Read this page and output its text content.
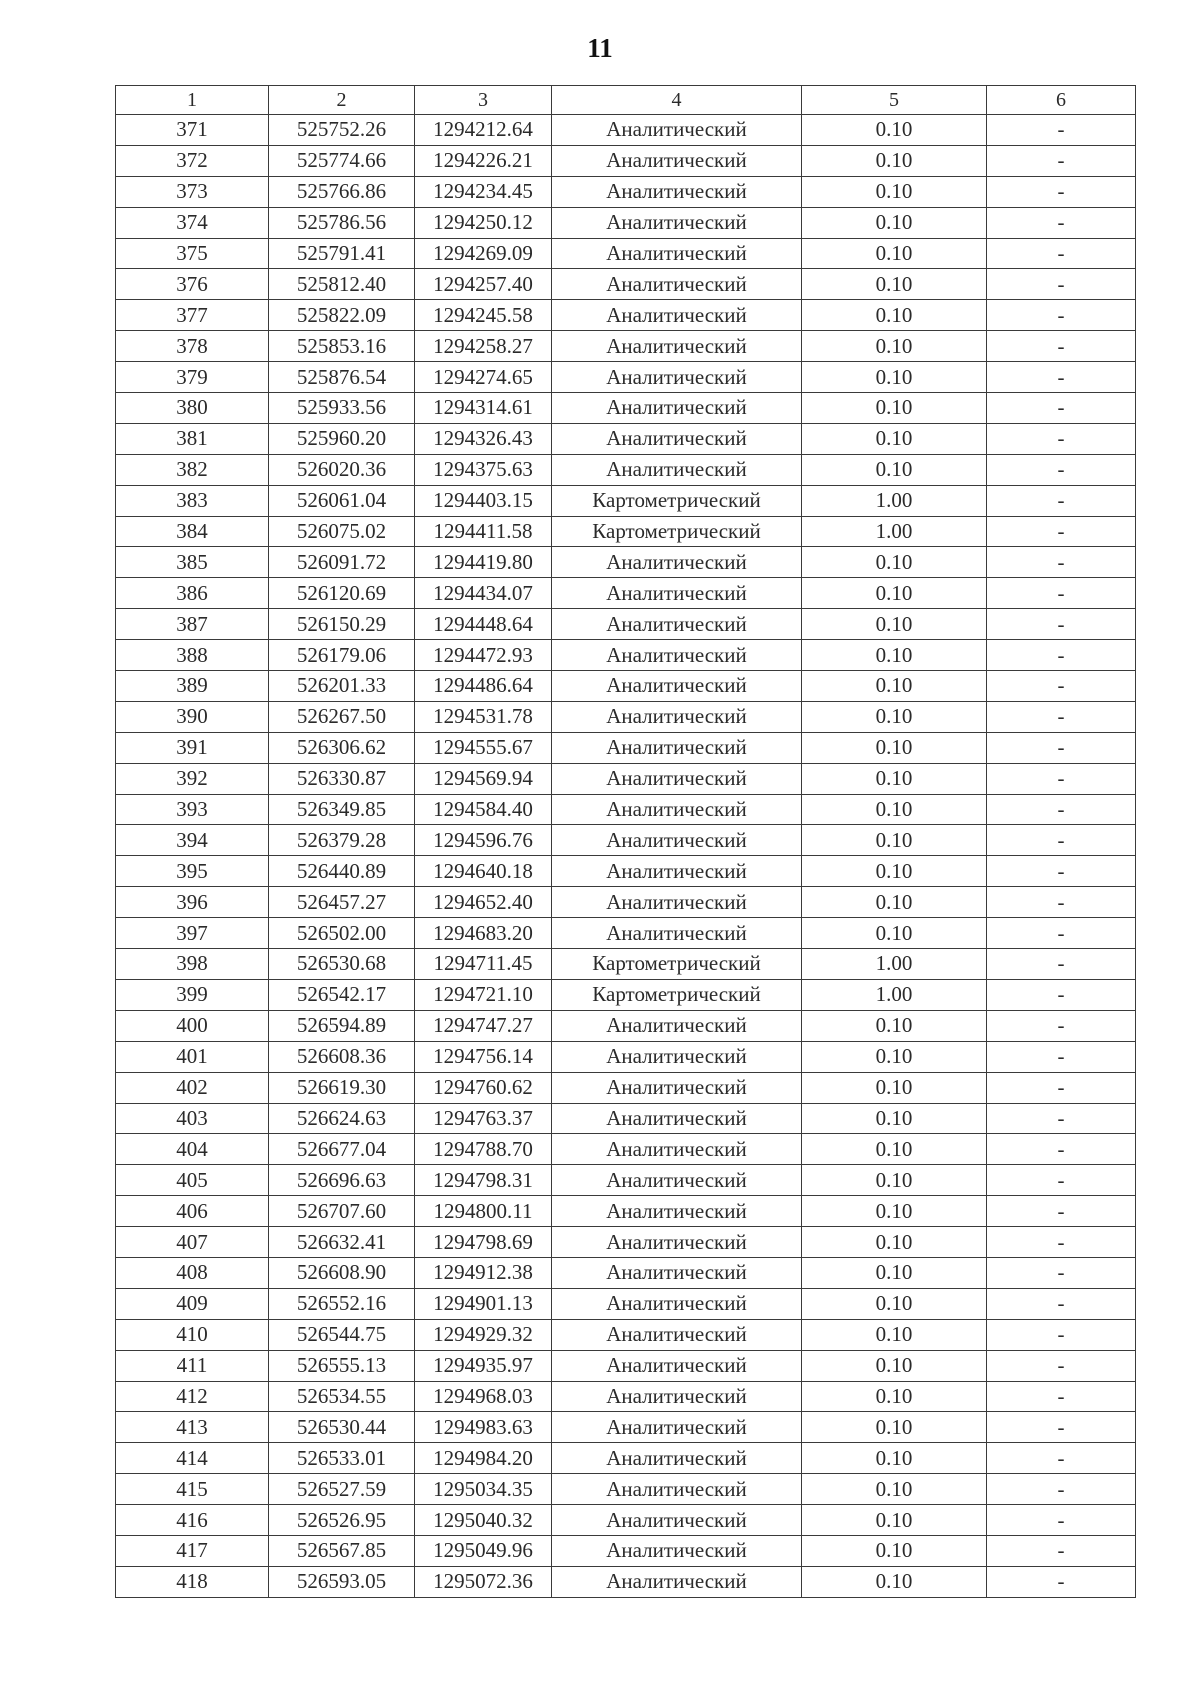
11
1	2	3	4	5	6
371	525752.26	1294212.64	Аналитический	0.10	-
372	525774.66	1294226.21	Аналитический	0.10	-
373	525766.86	1294234.45	Аналитический	0.10	-
374	525786.56	1294250.12	Аналитический	0.10	-
375	525791.41	1294269.09	Аналитический	0.10	-
376	525812.40	1294257.40	Аналитический	0.10	-
377	525822.09	1294245.58	Аналитический	0.10	-
378	525853.16	1294258.27	Аналитический	0.10	-
379	525876.54	1294274.65	Аналитический	0.10	-
380	525933.56	1294314.61	Аналитический	0.10	-
381	525960.20	1294326.43	Аналитический	0.10	-
382	526020.36	1294375.63	Аналитический	0.10	-
383	526061.04	1294403.15	Картометрический	1.00	-
384	526075.02	1294411.58	Картометрический	1.00	-
385	526091.72	1294419.80	Аналитический	0.10	-
386	526120.69	1294434.07	Аналитический	0.10	-
387	526150.29	1294448.64	Аналитический	0.10	-
388	526179.06	1294472.93	Аналитический	0.10	-
389	526201.33	1294486.64	Аналитический	0.10	-
390	526267.50	1294531.78	Аналитический	0.10	-
391	526306.62	1294555.67	Аналитический	0.10	-
392	526330.87	1294569.94	Аналитический	0.10	-
393	526349.85	1294584.40	Аналитический	0.10	-
394	526379.28	1294596.76	Аналитический	0.10	-
395	526440.89	1294640.18	Аналитический	0.10	-
396	526457.27	1294652.40	Аналитический	0.10	-
397	526502.00	1294683.20	Аналитический	0.10	-
398	526530.68	1294711.45	Картометрический	1.00	-
399	526542.17	1294721.10	Картометрический	1.00	-
400	526594.89	1294747.27	Аналитический	0.10	-
401	526608.36	1294756.14	Аналитический	0.10	-
402	526619.30	1294760.62	Аналитический	0.10	-
403	526624.63	1294763.37	Аналитический	0.10	-
404	526677.04	1294788.70	Аналитический	0.10	-
405	526696.63	1294798.31	Аналитический	0.10	-
406	526707.60	1294800.11	Аналитический	0.10	-
407	526632.41	1294798.69	Аналитический	0.10	-
408	526608.90	1294912.38	Аналитический	0.10	-
409	526552.16	1294901.13	Аналитический	0.10	-
410	526544.75	1294929.32	Аналитический	0.10	-
411	526555.13	1294935.97	Аналитический	0.10	-
412	526534.55	1294968.03	Аналитический	0.10	-
413	526530.44	1294983.63	Аналитический	0.10	-
414	526533.01	1294984.20	Аналитический	0.10	-
415	526527.59	1295034.35	Аналитический	0.10	-
416	526526.95	1295040.32	Аналитический	0.10	-
417	526567.85	1295049.96	Аналитический	0.10	-
418	526593.05	1295072.36	Аналитический	0.10	-
